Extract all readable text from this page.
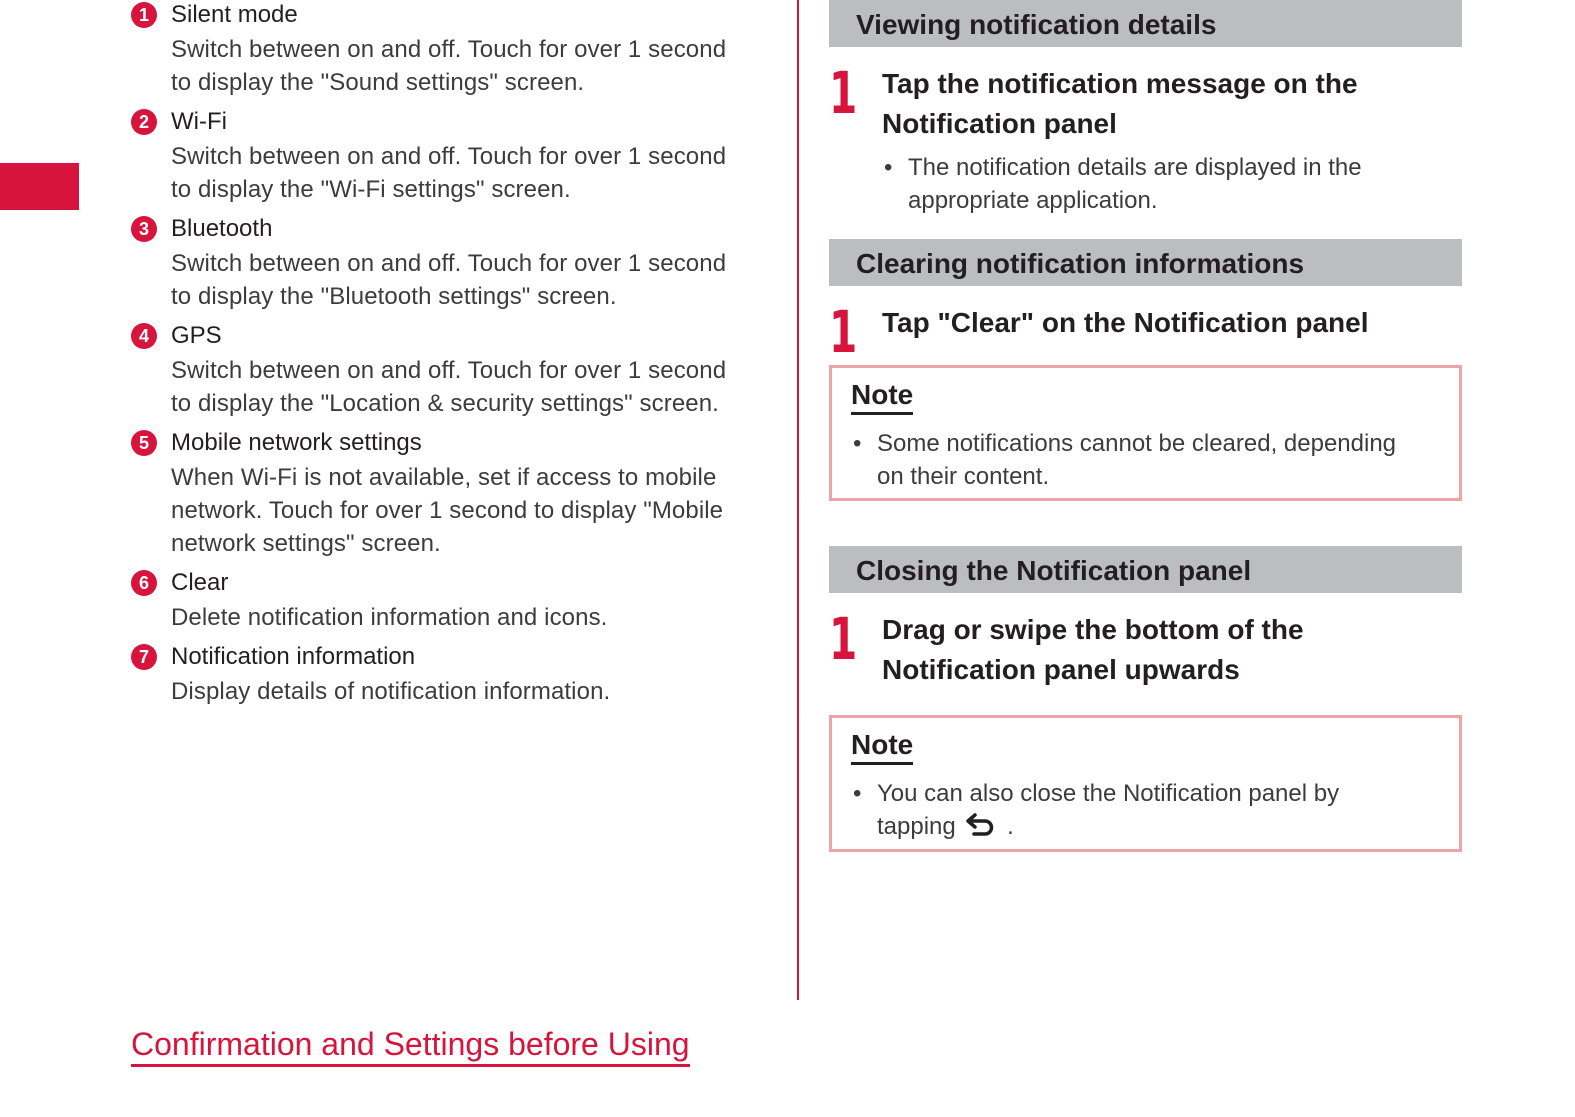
1 Silent mode
Switch between on and off. Touch for over 1 second
to display the "Sound settings" screen.
2 Wi-Fi
Switch between on and off. Touch for over 1 second
to display the "Wi-Fi settings" screen.
3 Bluetooth
Switch between on and off. Touch for over 1 second
to display the "Bluetooth settings" screen.
4 GPS
Switch between on and off. Touch for over 1 second
to display the "Location & security settings" screen.
5 Mobile network settings
When Wi-Fi is not available, set if access to mobile
network. Touch for over 1 second to display "Mobile
network settings" screen.
6 Clear
Delete notification information and icons.
7 Notification information
Display details of notification information.
Confirmation and Settings before Using
Viewing notification details
1 Tap the notification message on the
Notification panel
• The notification details are displayed in the
appropriate application.
Clearing notification informations
1 Tap "Clear" on the Notification panel
Note
• Some notifications cannot be cleared, depending
on their content.
Closing the Notification panel
1 Drag or swipe the bottom of the
Notification panel upwards
Note
• You can also close the Notification panel by
tapping .
